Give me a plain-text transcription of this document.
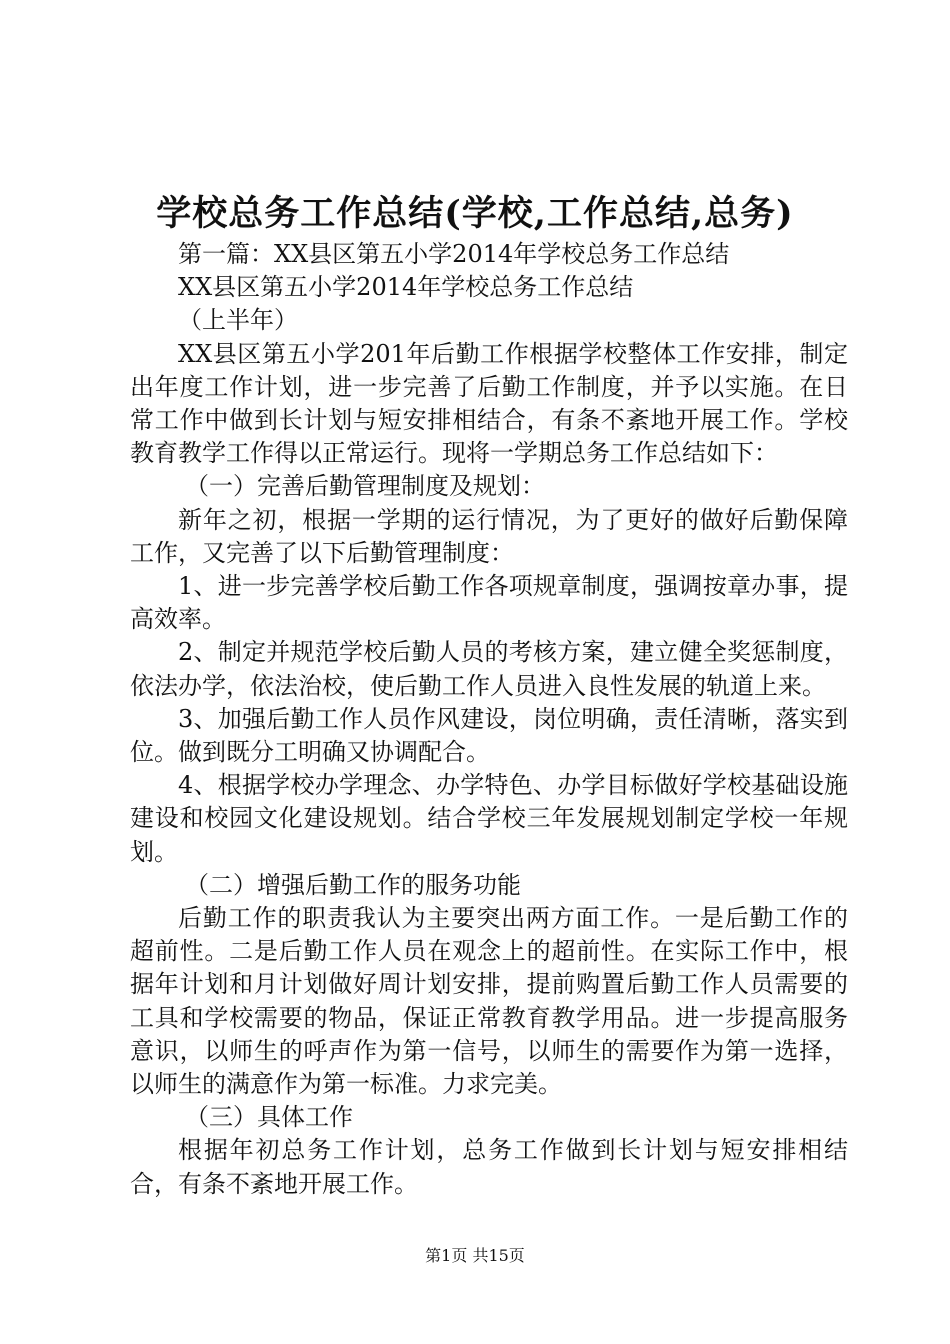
学校总务工作总结(学校,工作总结,总务)

第一篇：XX县区第五小学2014年学校总务工作总结

XX县区第五小学2014年学校总务工作总结

（上半年）

XX县区第五小学201年后勤工作根据学校整体工作安排，制定出年度工作计划，进一步完善了后勤工作制度，并予以实施。在日常工作中做到长计划与短安排相结合，有条不紊地开展工作。学校教育教学工作得以正常运行。现将一学期总务工作总结如下：

（一）完善后勤管理制度及规划：

新年之初，根据一学期的运行情况，为了更好的做好后勤保障工作，又完善了以下后勤管理制度：

1、进一步完善学校后勤工作各项规章制度，强调按章办事，提高效率。

2、制定并规范学校后勤人员的考核方案，建立健全奖惩制度，依法办学，依法治校，使后勤工作人员进入良性发展的轨道上来。

3、加强后勤工作人员作风建设，岗位明确，责任清晰，落实到位。做到既分工明确又协调配合。

4、根据学校办学理念、办学特色、办学目标做好学校基础设施建设和校园文化建设规划。结合学校三年发展规划制定学校一年规划。

（二）增强后勤工作的服务功能

后勤工作的职责我认为主要突出两方面工作。一是后勤工作的超前性。二是后勤工作人员在观念上的超前性。在实际工作中，根据年计划和月计划做好周计划安排，提前购置后勤工作人员需要的工具和学校需要的物品，保证正常教育教学用品。进一步提高服务意识，以师生的呼声作为第一信号，以师生的需要作为第一选择，以师生的满意作为第一标准。力求完美。

（三）具体工作

根据年初总务工作计划，总务工作做到长计划与短安排相结合，有条不紊地开展工作。

第1页 共15页
